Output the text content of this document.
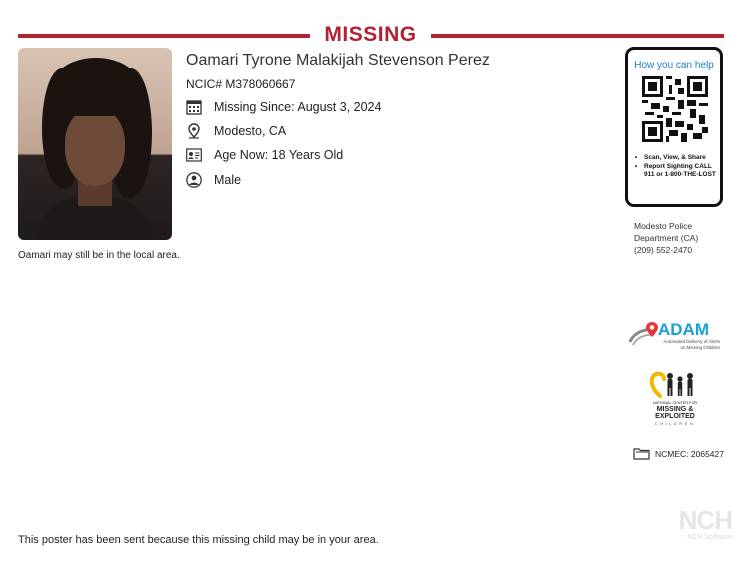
MISSING
Oamari Tyrone Malakijah Stevenson Perez
NCIC# M378060667
Missing Since: August 3, 2024
Modesto, CA
Age Now: 18 Years Old
Male
Oamari may still be in the local area.
This poster has been sent because this missing child may be in your area.
How you can help
• Scan, View, & Share
• Report Sighting CALL 911 or 1-800-THE-LOST
Modesto Police
Department (CA)
(209) 552-2470
ADAM
Automated Delivery of Alerts
on Missing Children
NATIONAL CENTER FOR
MISSING &
EXPLOITED
CHILDREN
NCMEC: 2065427
NCH
NCH Software
